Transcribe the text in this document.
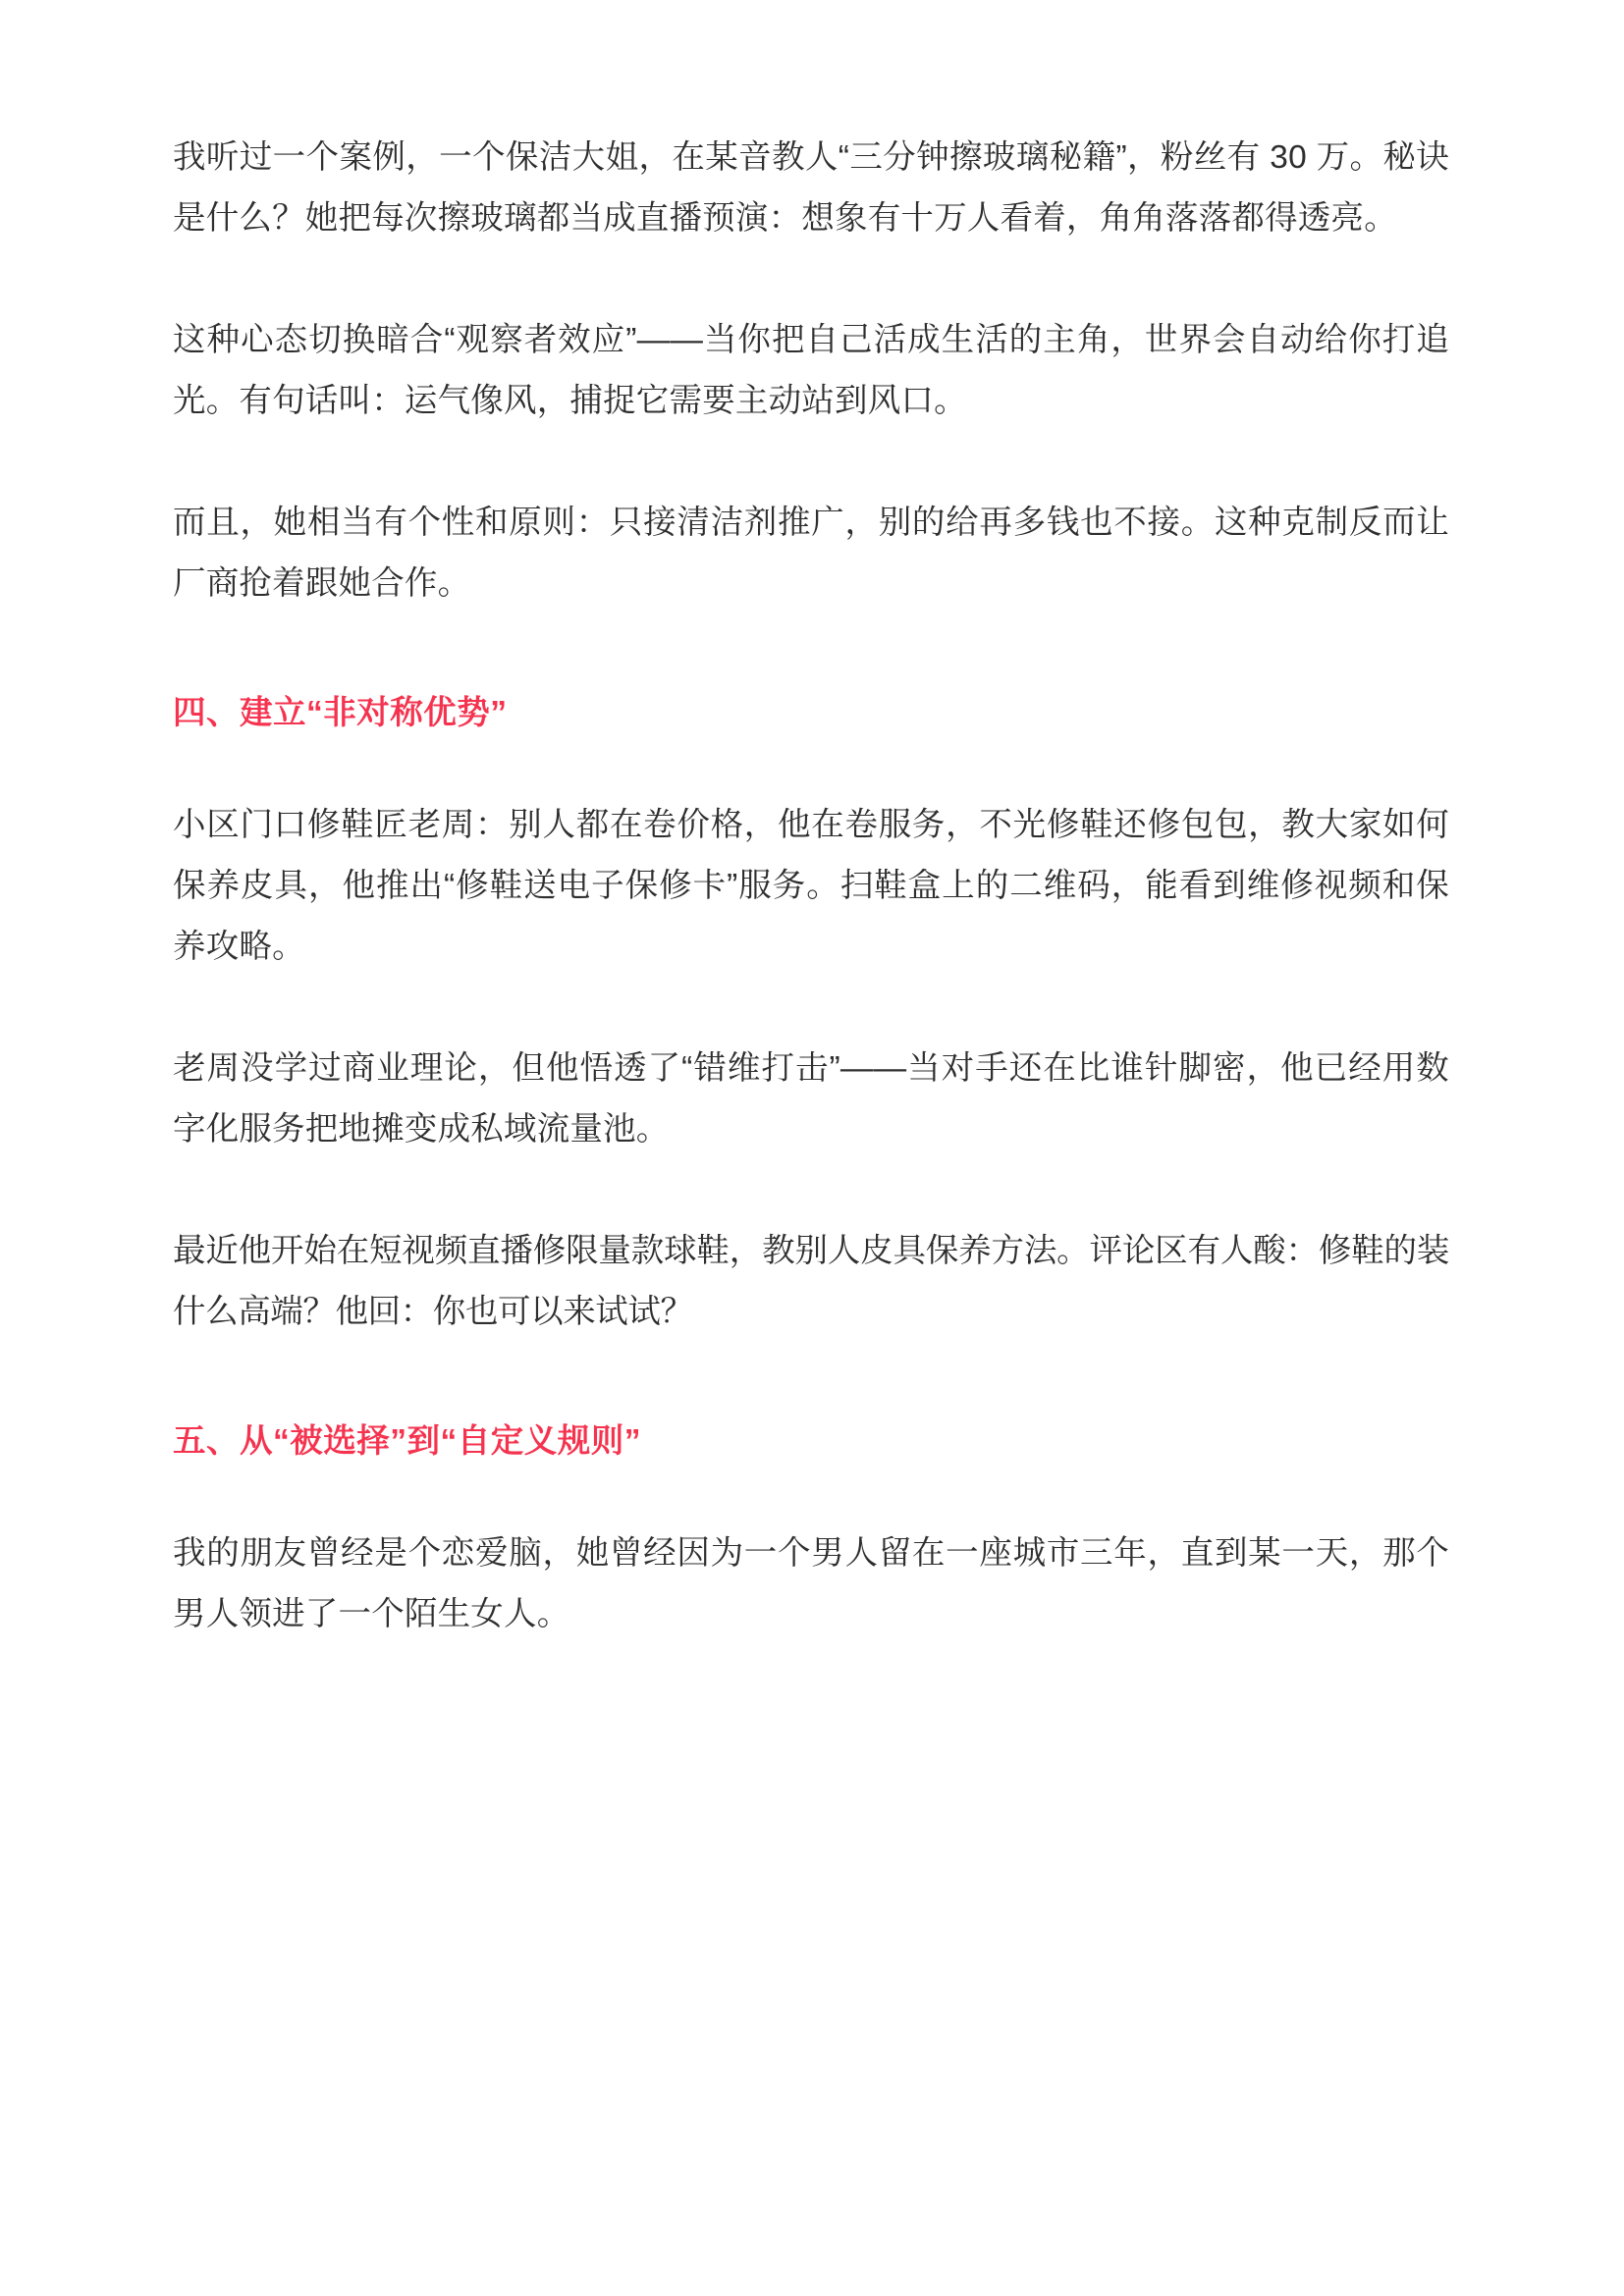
我听过一个案例，一个保洁大姐，在某音教人“三分钟擦玻璃秘籍”，粉丝有 30 万。秘诀是什么？她把每次擦玻璃都当成直播预演：想象有十万人看着，角角落落都得透亮。

这种心态切换暗合“观察者效应”——当你把自己活成生活的主角，世界会自动给你打追光。有句话叫：运气像风，捕捉它需要主动站到风口。

而且，她相当有个性和原则：只接清洁剂推广，别的给再多钱也不接。这种克制反而让厂商抢着跟她合作。

四、建立“非对称优势”

小区门口修鞋匠老周：别人都在卷价格，他在卷服务，不光修鞋还修包包，教大家如何保养皮具，他推出“修鞋送电子保修卡”服务。扫鞋盒上的二维码，能看到维修视频和保养攻略。

老周没学过商业理论，但他悟透了“错维打击”——当对手还在比谁针脚密，他已经用数字化服务把地摊变成私域流量池。

最近他开始在短视频直播修限量款球鞋，教别人皮具保养方法。评论区有人酸：修鞋的装什么高端？他回：你也可以来试试？

五、从“被选择”到“自定义规则”

我的朋友曾经是个恋爱脑，她曾经因为一个男人留在一座城市三年，直到某一天，那个男人领进了一个陌生女人。
